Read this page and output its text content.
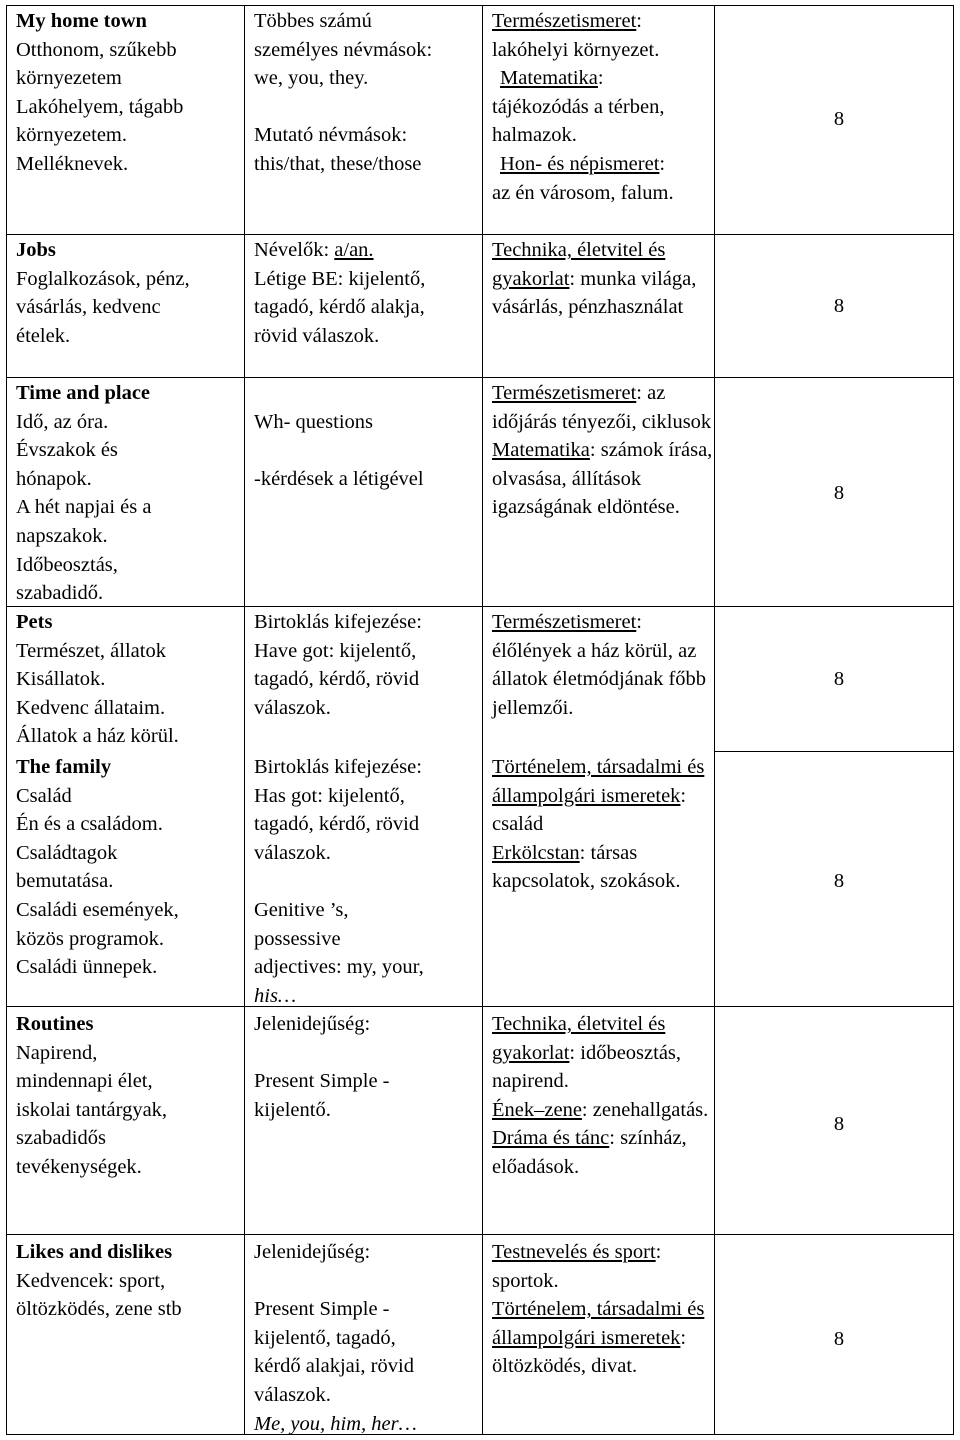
My home town
Otthonom, szűkebb
környezetem
Lakóhelyem, tágabb
környezetem.
Melléknevek.
Többes számú
személyes névmások:
we, you, they.
Mutató névmások:
this/that, these/those
Természetismeret:
lakóhelyi környezet.
Matematika:
tájékozódás a térben, halmazok.
Hon- és népismeret:
az én városom, falum.
8
Jobs
Foglalkozások, pénz,
vásárlás, kedvenc
ételek.
Névelők: a/an.
Létige BE: kijelentő,
tagadó, kérdő alakja,
rövid válaszok.
Technika, életvitel és gyakorlat: munka világa, vásárlás, pénzhasználat	8
Time and place
Idő, az óra.
Évszakok és
hónapok.
A hét napjai és a
napszakok.
Időbeosztás,
szabadidő.
Wh- questions
-kérdések a létigével
Természetismeret: az időjárás tényezői, ciklusok
Matematika: számok írása, olvasása, állítások igazságának eldöntése.
8
Pets
Természet, állatok
Kisállatok.
Kedvenc állataim.
Állatok a ház körül.
Birtoklás kifejezése:
Have got: kijelentő,
tagadó, kérdő, rövid
válaszok.
Természetismeret: élőlények a ház körül, az állatok életmódjának főbb jellemzői.
8
The family
Család
Én és a családom.
Családtagok
bemutatása.
Családi események,
közös programok.
Családi ünnepek.
Birtoklás kifejezése:
Has got: kijelentő,
tagadó, kérdő, rövid
válaszok.
Genitive ’s,
possessive
adjectives: my, your,
his…
Történelem, társadalmi és állampolgári ismeretek: család
Erkölcstan: társas kapcsolatok, szokások.	8
Routines
Napirend,
mindennapi élet,
iskolai tantárgyak,
szabadidős
tevékenységek.
Jelenidejűség:
Present Simple -
kijelentő.
Technika, életvitel és gyakorlat: időbeosztás, napirend.
Ének–zene: zenehallgatás.
Dráma és tánc: színház, előadások.
8
Likes and dislikes
Kedvencek: sport,
öltözködés, zene stb
Jelenidejűség:
Present Simple -
kijelentő, tagadó,
kérdő alakjai, rövid
válaszok.
Me, you, him, her…
Testnevelés és sport: sportok.
Történelem, társadalmi és állampolgári ismeretek: öltözködés, divat.
8
